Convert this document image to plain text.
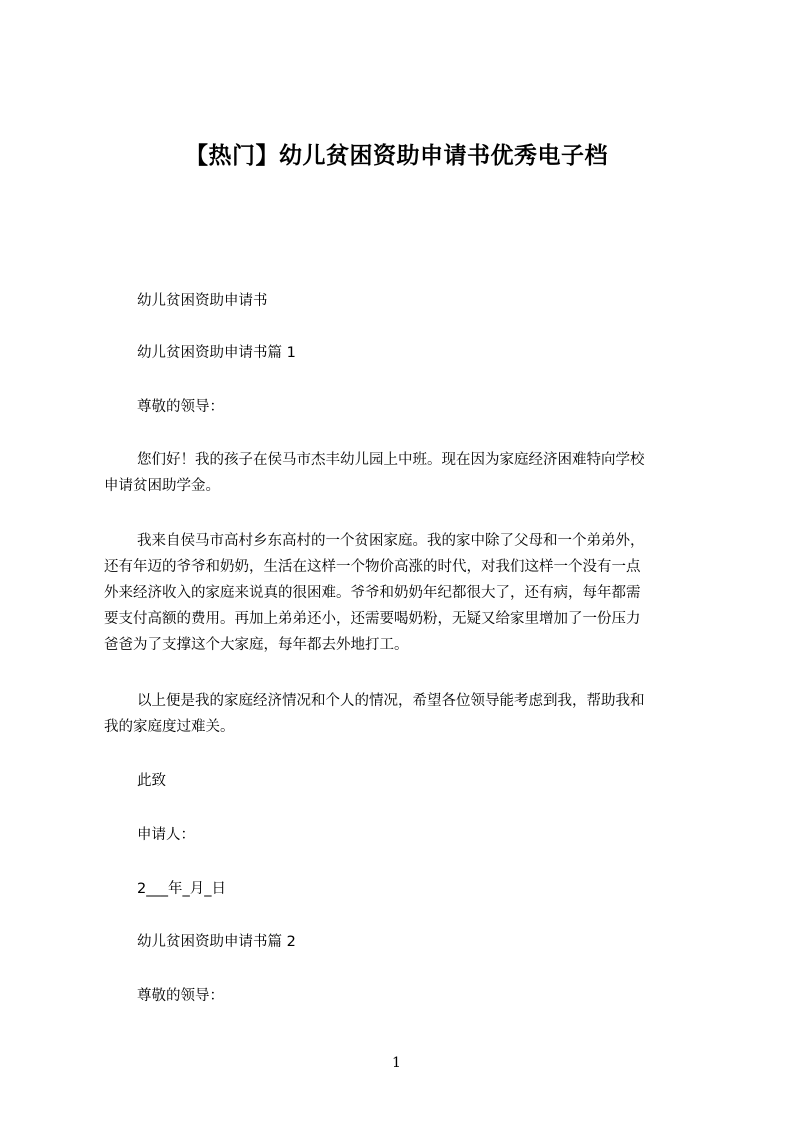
【热门】幼儿贫困资助申请书优秀电子档
幼儿贫困资助申请书
幼儿贫困资助申请书篇 1
尊敬的领导：
您们好！我的孩子在侯马市杰丰幼儿园上中班。现在因为家庭经济困难特向学校
申请贫困助学金。
我来自侯马市高村乡东高村的一个贫困家庭。我的家中除了父母和一个弟弟外，
还有年迈的爷爷和奶奶，生活在这样一个物价高涨的时代，对我们这样一个没有一点
外来经济收入的家庭来说真的很困难。爷爷和奶奶年纪都很大了，还有病，每年都需
要支付高额的费用。再加上弟弟还小，还需要喝奶粉，无疑又给家里增加了一份压力
爸爸为了支撑这个大家庭，每年都去外地打工。
以上便是我的家庭经济情况和个人的情况，希望各位领导能考虑到我，帮助我和
我的家庭度过难关。
此致
申请人：
2___年_月_日
幼儿贫困资助申请书篇 2
尊敬的领导：
1
